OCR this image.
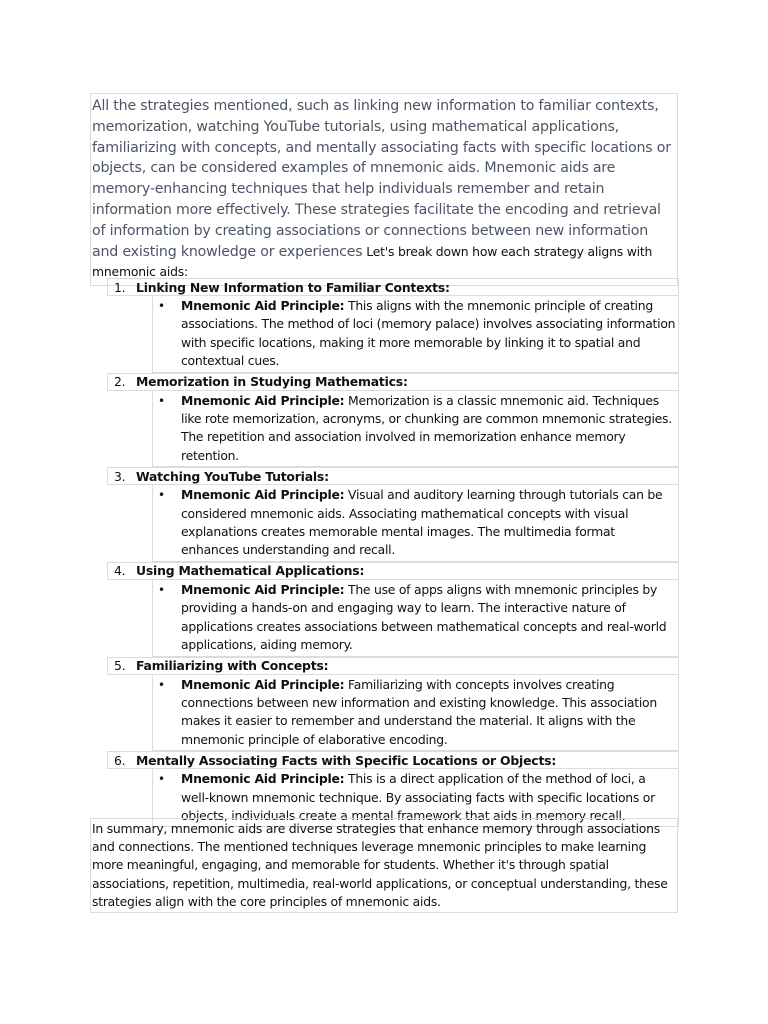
All the strategies mentioned, such as linking new information to familiar contexts, memorization, watching YouTube tutorials, using mathematical applications, familiarizing with concepts, and mentally associating facts with specific locations or objects, can be considered examples of mnemonic aids. Mnemonic aids are memory-enhancing techniques that help individuals remember and retain information more effectively. These strategies facilitate the encoding and retrieval of information by creating associations or connections between new information and existing knowledge or experiences Let's break down how each strategy aligns with mnemonic aids:

1. Linking New Information to Familiar Contexts:
• Mnemonic Aid Principle: This aligns with the mnemonic principle of creating associations. The method of loci (memory palace) involves associating information with specific locations, making it more memorable by linking it to spatial and contextual cues.
2. Memorization in Studying Mathematics:
• Mnemonic Aid Principle: Memorization is a classic mnemonic aid. Techniques like rote memorization, acronyms, or chunking are common mnemonic strategies. The repetition and association involved in memorization enhance memory retention.
3. Watching YouTube Tutorials:
• Mnemonic Aid Principle: Visual and auditory learning through tutorials can be considered mnemonic aids. Associating mathematical concepts with visual explanations creates memorable mental images. The multimedia format enhances understanding and recall.
4. Using Mathematical Applications:
• Mnemonic Aid Principle: The use of apps aligns with mnemonic principles by providing a hands-on and engaging way to learn. The interactive nature of applications creates associations between mathematical concepts and real-world applications, aiding memory.
5. Familiarizing with Concepts:
• Mnemonic Aid Principle: Familiarizing with concepts involves creating connections between new information and existing knowledge. This association makes it easier to remember and understand the material. It aligns with the mnemonic principle of elaborative encoding.
6. Mentally Associating Facts with Specific Locations or Objects:
• Mnemonic Aid Principle: This is a direct application of the method of loci, a well-known mnemonic technique. By associating facts with specific locations or objects, individuals create a mental framework that aids in memory recall.

In summary, mnemonic aids are diverse strategies that enhance memory through associations and connections. The mentioned techniques leverage mnemonic principles to make learning more meaningful, engaging, and memorable for students. Whether it's through spatial associations, repetition, multimedia, real-world applications, or conceptual understanding, these strategies align with the core principles of mnemonic aids.
